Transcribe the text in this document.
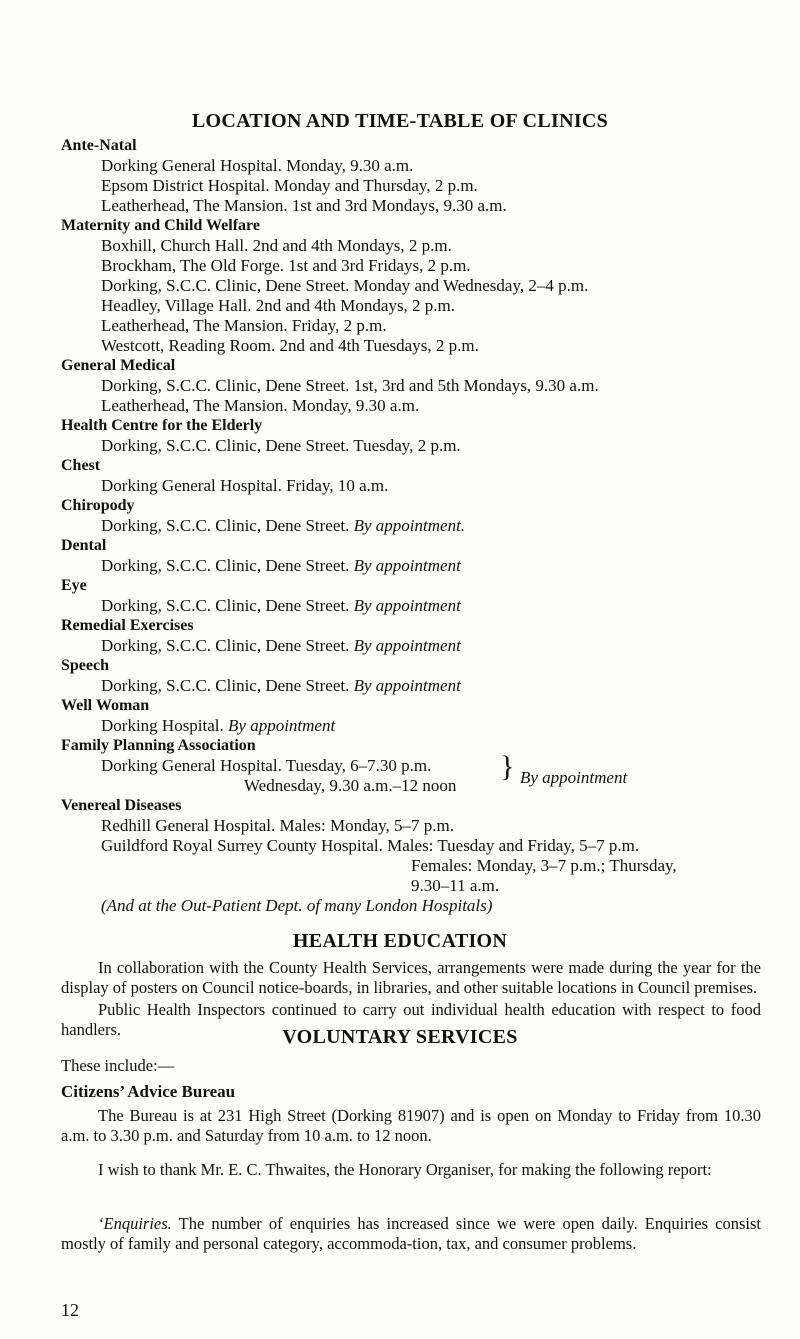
LOCATION AND TIME-TABLE OF CLINICS
Ante-Natal
Dorking General Hospital. Monday, 9.30 a.m.
Epsom District Hospital. Monday and Thursday, 2 p.m.
Leatherhead, The Mansion. 1st and 3rd Mondays, 9.30 a.m.
Maternity and Child Welfare
Boxhill, Church Hall. 2nd and 4th Mondays, 2 p.m.
Brockham, The Old Forge. 1st and 3rd Fridays, 2 p.m.
Dorking, S.C.C. Clinic, Dene Street. Monday and Wednesday, 2–4 p.m.
Headley, Village Hall. 2nd and 4th Mondays, 2 p.m.
Leatherhead, The Mansion. Friday, 2 p.m.
Westcott, Reading Room. 2nd and 4th Tuesdays, 2 p.m.
General Medical
Dorking, S.C.C. Clinic, Dene Street. 1st, 3rd and 5th Mondays, 9.30 a.m.
Leatherhead, The Mansion. Monday, 9.30 a.m.
Health Centre for the Elderly
Dorking, S.C.C. Clinic, Dene Street. Tuesday, 2 p.m.
Chest
Dorking General Hospital. Friday, 10 a.m.
Chiropody
Dorking, S.C.C. Clinic, Dene Street. By appointment.
Dental
Dorking, S.C.C. Clinic, Dene Street. By appointment
Eye
Dorking, S.C.C. Clinic, Dene Street. By appointment
Remedial Exercises
Dorking, S.C.C. Clinic, Dene Street. By appointment
Speech
Dorking, S.C.C. Clinic, Dene Street. By appointment
Well Woman
Dorking Hospital. By appointment
Family Planning Association
Dorking General Hospital. Tuesday, 6–7.30 p.m.
Wednesday, 9.30 a.m.–12 noon
} By appointment
Venereal Diseases
Redhill General Hospital. Males: Monday, 5–7 p.m.
Guildford Royal Surrey County Hospital. Males: Tuesday and Friday, 5–7 p.m.
Females: Monday, 3–7 p.m.; Thursday,
9.30–11 a.m.
(And at the Out-Patient Dept. of many London Hospitals)
HEALTH EDUCATION
In collaboration with the County Health Services, arrangements were made during the year for the display of posters on Council notice-boards, in libraries, and other suitable locations in Council premises.
Public Health Inspectors continued to carry out individual health education with respect to food handlers.	VOLUNTARY SERVICES
These include:—
Citizens’ Advice Bureau
The Bureau is at 231 High Street (Dorking 81907) and is open on Monday to Friday from 10.30 a.m. to 3.30 p.m. and Saturday from 10 a.m. to 12 noon.
12
I wish to thank Mr. E. C. Thwaites, the Honorary Organiser, for making the following report:
‘Enquiries. The number of enquiries has increased since we were open daily. Enquiries consist mostly of family and personal category, accommoda-tion, tax, and consumer problems.
